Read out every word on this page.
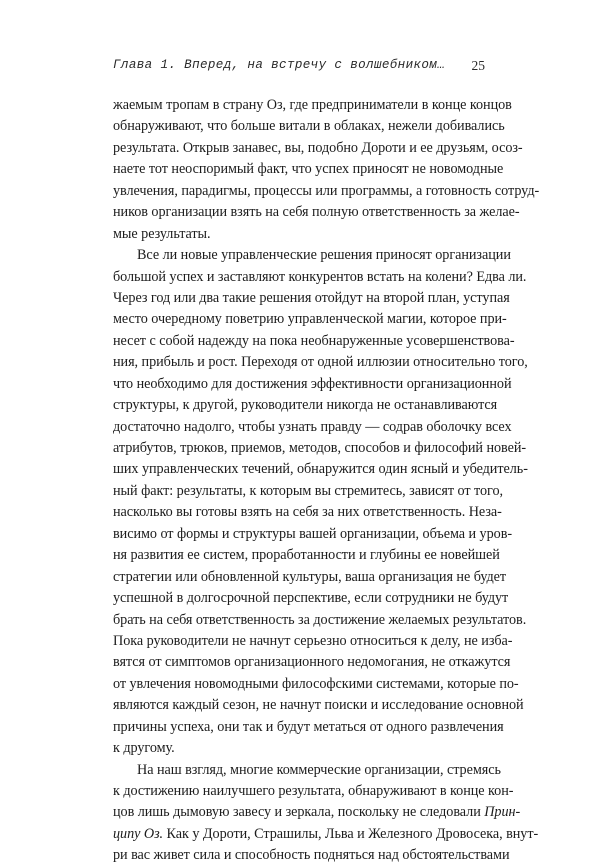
Глава 1. Вперед, на встречу с волшебником… 25
жаемым тропам в страну Оз, где предприниматели в конце концов
обнаруживают, что больше витали в облаках, нежели добивались
результата. Открыв занавес, вы, подобно Дороти и ее друзьям, осоз-
наете тот неоспоримый факт, что успех приносят не новомодные
увлечения, парадигмы, процессы или программы, а готовность сотруд-
ников организации взять на себя полную ответственность за желае-
мые результаты.
Все ли новые управленческие решения приносят организации
большой успех и заставляют конкурентов встать на колени? Едва ли.
Через год или два такие решения отойдут на второй план, уступая
место очередному поветрию управленческой магии, которое при-
несет с собой надежду на пока необнаруженные усовершенствова-
ния, прибыль и рост. Переходя от одной иллюзии относительно того,
что необходимо для достижения эффективности организационной
структуры, к другой, руководители никогда не останавливаются
достаточно надолго, чтобы узнать правду — содрав оболочку всех
атрибутов, трюков, приемов, методов, способов и философий новей-
ших управленческих течений, обнаружится один ясный и убедитель-
ный факт: результаты, к которым вы стремитесь, зависят от того,
насколько вы готовы взять на себя за них ответственность. Неза-
висимо от формы и структуры вашей организации, объема и уров-
ня развития ее систем, проработанности и глубины ее новейшей
стратегии или обновленной культуры, ваша организация не будет
успешной в долгосрочной перспективе, если сотрудники не будут
брать на себя ответственность за достижение желаемых результатов.
Пока руководители не начнут серьезно относиться к делу, не изба-
вятся от симптомов организационного недомогания, не откажутся
от увлечения новомодными философскими системами, которые по-
являются каждый сезон, не начнут поиски и исследование основной
причины успеха, они так и будут метаться от одного развлечения
к другому.
На наш взгляд, многие коммерческие организации, стремясь
к достижению наилучшего результата, обнаруживают в конце кон-
цов лишь дымовую завесу и зеркала, поскольку не следовали Прин-
ципу Оз. Как у Дороти, Страшилы, Льва и Железного Дровосека, внут-
ри вас живет сила и способность подняться над обстоятельствами
